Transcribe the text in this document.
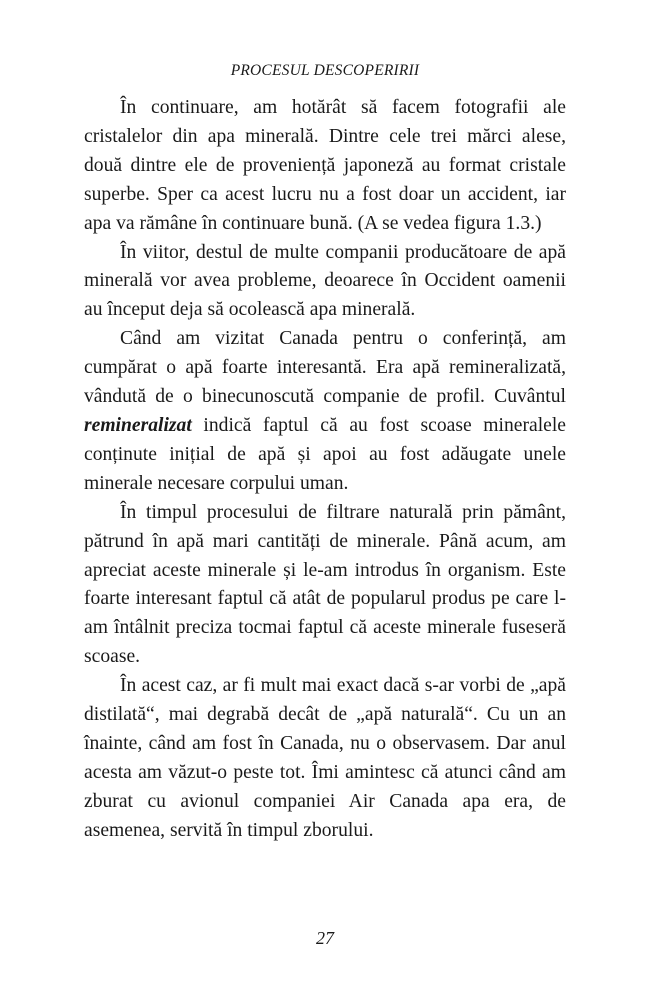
PROCESUL DESCOPERIRII

În continuare, am hotărât să facem fotografii ale cristalelor din apa minerală. Dintre cele trei mărci alese, două dintre ele de proveniență japoneză au format cristale superbe. Sper ca acest lucru nu a fost doar un accident, iar apa va rămâne în continuare bună. (A se vedea figura 1.3.)

În viitor, destul de multe companii producătoare de apă minerală vor avea probleme, deoarece în Occident oamenii au început deja să ocolească apa minerală.

Când am vizitat Canada pentru o conferință, am cumpărat o apă foarte interesantă. Era apă remineralizată, vândută de o binecunoscută companie de profil. Cuvântul remineralizat indică faptul că au fost scoase mineralele conținute inițial de apă și apoi au fost adăugate unele minerale necesare corpului uman.

În timpul procesului de filtrare naturală prin pământ, pătrund în apă mari cantități de minerale. Până acum, am apreciat aceste minerale și le-am introdus în organism. Este foarte interesant faptul că atât de popularul produs pe care l-am întâlnit preciza tocmai faptul că aceste minerale fuseseră scoase.

În acest caz, ar fi mult mai exact dacă s-ar vorbi de „apă distilată“, mai degrabă decât de „apă naturală“. Cu un an înainte, când am fost în Canada, nu o observasem. Dar anul acesta am văzut-o peste tot. Îmi amintesc că atunci când am zburat cu avionul companiei Air Canada apa era, de asemenea, servită în timpul zborului.

27
